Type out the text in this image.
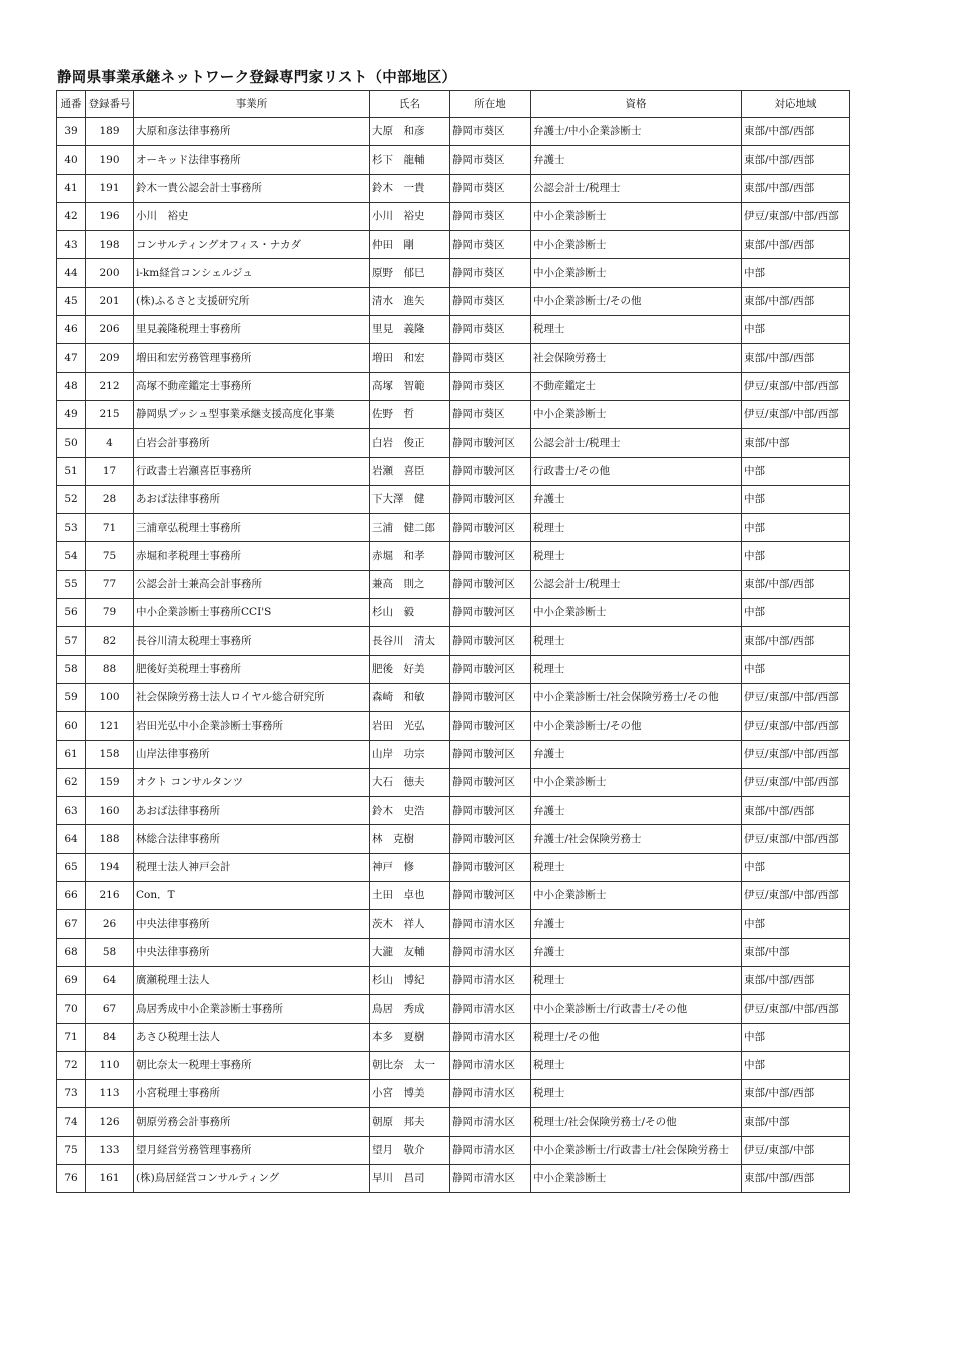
静岡県事業承継ネットワーク登録専門家リスト（中部地区）
通番	登録番号	事業所	氏名	所在地	資格	対応地域
39	189	大原和彦法律事務所	大原　和彦	静岡市葵区	弁護士/中小企業診断士	東部/中部/西部
40	190	オーキッド法律事務所	杉下　龍輔	静岡市葵区	弁護士	東部/中部/西部
41	191	鈴木一貴公認会計士事務所	鈴木　一貴	静岡市葵区	公認会計士/税理士	東部/中部/西部
42	196	小川　裕史	小川　裕史	静岡市葵区	中小企業診断士	伊豆/東部/中部/西部
43	198	コンサルティングオフィス・ナカダ	仲田　剛	静岡市葵区	中小企業診断士	東部/中部/西部
44	200	i-km経営コンシェルジュ	原野　郁巳	静岡市葵区	中小企業診断士	中部
45	201	(株)ふるさと支援研究所	清水　進矢	静岡市葵区	中小企業診断士/その他	東部/中部/西部
46	206	里見義隆税理士事務所	里見　義隆	静岡市葵区	税理士	中部
47	209	増田和宏労務管理事務所	増田　和宏	静岡市葵区	社会保険労務士	東部/中部/西部
48	212	高塚不動産鑑定士事務所	高塚　智範	静岡市葵区	不動産鑑定士	伊豆/東部/中部/西部
49	215	静岡県プッシュ型事業承継支援高度化事業	佐野　哲	静岡市葵区	中小企業診断士	伊豆/東部/中部/西部
50	4	白岩会計事務所	白岩　俊正	静岡市駿河区	公認会計士/税理士	東部/中部
51	17	行政書士岩瀬喜臣事務所	岩瀬　喜臣	静岡市駿河区	行政書士/その他	中部
52	28	あおば法律事務所	下大澤　健	静岡市駿河区	弁護士	中部
53	71	三浦章弘税理士事務所	三浦　健二郎	静岡市駿河区	税理士	中部
54	75	赤堀和孝税理士事務所	赤堀　和孝	静岡市駿河区	税理士	中部
55	77	公認会計士兼高会計事務所	兼高　則之	静岡市駿河区	公認会計士/税理士	東部/中部/西部
56	79	中小企業診断士事務所CCI'S	杉山　毅	静岡市駿河区	中小企業診断士	中部
57	82	長谷川清太税理士事務所	長谷川　清太	静岡市駿河区	税理士	東部/中部/西部
58	88	肥後好美税理士事務所	肥後　好美	静岡市駿河区	税理士	中部
59	100	社会保険労務士法人ロイヤル総合研究所	森崎　和敏	静岡市駿河区	中小企業診断士/社会保険労務士/その他	伊豆/東部/中部/西部
60	121	岩田光弘中小企業診断士事務所	岩田　光弘	静岡市駿河区	中小企業診断士/その他	伊豆/東部/中部/西部
61	158	山岸法律事務所	山岸　功宗	静岡市駿河区	弁護士	伊豆/東部/中部/西部
62	159	オクト コンサルタンツ	大石　徳夫	静岡市駿河区	中小企業診断士	伊豆/東部/中部/西部
63	160	あおば法律事務所	鈴木　史浩	静岡市駿河区	弁護士	東部/中部/西部
64	188	林総合法律事務所	林　克樹	静岡市駿河区	弁護士/社会保険労務士	伊豆/東部/中部/西部
65	194	税理士法人神戸会計	神戸　修	静岡市駿河区	税理士	中部
66	216	Con．T	土田　卓也	静岡市駿河区	中小企業診断士	伊豆/東部/中部/西部
67	26	中央法律事務所	茨木　祥人	静岡市清水区	弁護士	中部
68	58	中央法律事務所	大瀧　友輔	静岡市清水区	弁護士	東部/中部
69	64	廣瀬税理士法人	杉山　博紀	静岡市清水区	税理士	東部/中部/西部
70	67	鳥居秀成中小企業診断士事務所	鳥居　秀成	静岡市清水区	中小企業診断士/行政書士/その他	伊豆/東部/中部/西部
71	84	あさひ税理士法人	本多　夏樹	静岡市清水区	税理士/その他	中部
72	110	朝比奈太一税理士事務所	朝比奈　太一	静岡市清水区	税理士	中部
73	113	小宮税理士事務所	小宮　博美	静岡市清水区	税理士	東部/中部/西部
74	126	朝原労務会計事務所	朝原　邦夫	静岡市清水区	税理士/社会保険労務士/その他	東部/中部
75	133	望月経営労務管理事務所	望月　敬介	静岡市清水区	中小企業診断士/行政書士/社会保険労務士	伊豆/東部/中部
76	161	(株)鳥居経営コンサルティング	早川　昌司	静岡市清水区	中小企業診断士	東部/中部/西部
